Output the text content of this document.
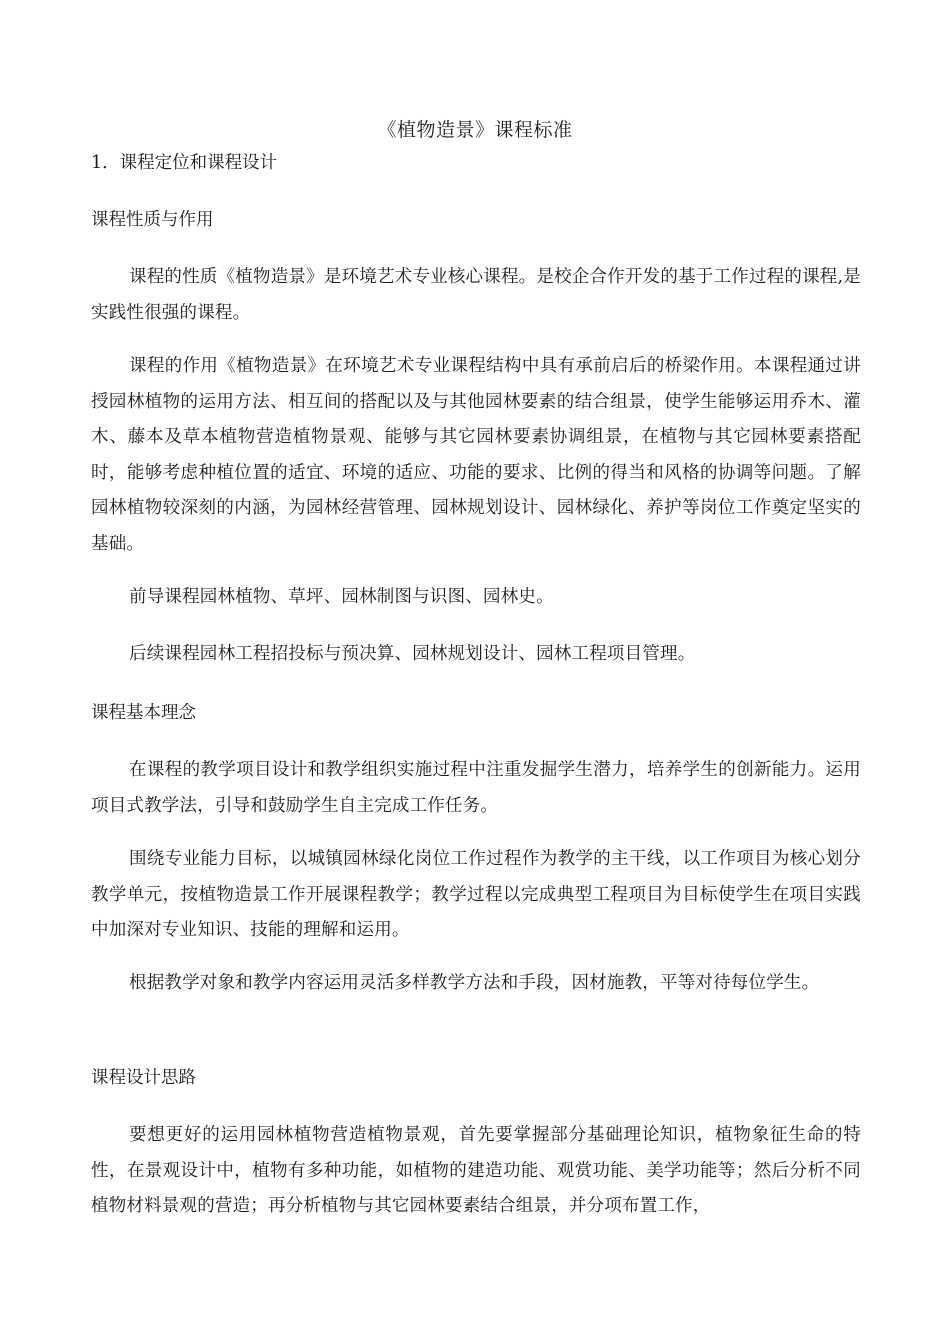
《植物造景》课程标准
1．课程定位和课程设计
课程性质与作用
课程的性质《植物造景》是环境艺术专业核心课程。是校企合作开发的基于工作过程的课程,是实践性很强的课程。
课程的作用《植物造景》在环境艺术专业课程结构中具有承前启后的桥梁作用。本课程通过讲授园林植物的运用方法、相互间的搭配以及与其他园林要素的结合组景，使学生能够运用乔木、灌木、藤本及草本植物营造植物景观、能够与其它园林要素协调组景，在植物与其它园林要素搭配时，能够考虑种植位置的适宜、环境的适应、功能的要求、比例的得当和风格的协调等问题。了解园林植物较深刻的内涵，为园林经营管理、园林规划设计、园林绿化、养护等岗位工作奠定坚实的基础。
前导课程园林植物、草坪、园林制图与识图、园林史。
后续课程园林工程招投标与预决算、园林规划设计、园林工程项目管理。
课程基本理念
在课程的教学项目设计和教学组织实施过程中注重发掘学生潜力，培养学生的创新能力。运用项目式教学法，引导和鼓励学生自主完成工作任务。
围绕专业能力目标，以城镇园林绿化岗位工作过程作为教学的主干线，以工作项目为核心划分教学单元，按植物造景工作开展课程教学；教学过程以完成典型工程项目为目标使学生在项目实践中加深对专业知识、技能的理解和运用。
根据教学对象和教学内容运用灵活多样教学方法和手段，因材施教，平等对待每位学生。
课程设计思路
要想更好的运用园林植物营造植物景观，首先要掌握部分基础理论知识，植物象征生命的特性，在景观设计中，植物有多种功能，如植物的建造功能、观赏功能、美学功能等；然后分析不同植物材料景观的营造；再分析植物与其它园林要素结合组景，并分项布置工作，
